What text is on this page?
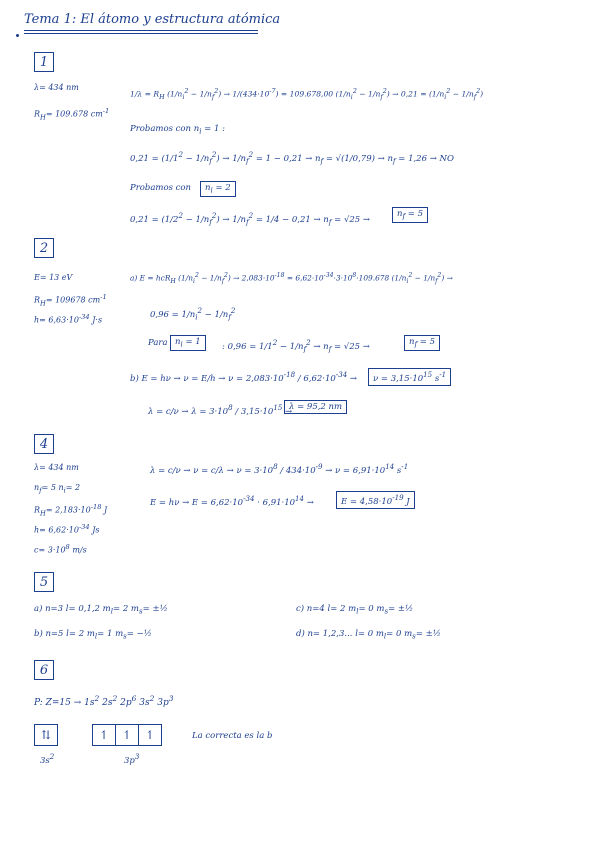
Tema 1: El átomo y estructura atómica
1
λ= 434 nm
$R_H= 109.678$ $cm^{-1}$
$1/\lambda = R_H$ $(1/n_i^2 - 1/n_f^2) \to 1/(434\cdot 10^{-7}) = 109.678,00$ $(1/n_i^2 - 1/n_f^2) \to 0,21 = (1/n_i^2 - 1/n_f^2)$
Probamos con $n_i = 1$ :
$0,21 = (1/1^2 - 1/n_f^2) \to 1/n_f^2 = 1 - 0,21 \to n_f = √(1/0,79) \to n_f = 1,26$ → NO
Probamos con	$n_i = 2$
$0,21 = (1/2^2 - 1/n_f^2) \to 1/n_f^2 = 1/4 - 0,21 \to n_f = √25$ →
$n_f = 5$
2
E= 13 eV
$R_H= 109678$ $cm^{-1}$
$h= 6,63\cdot 10^{-34}$ J·s
a) E = hcR$_H$ $(1/n_i^2 - 1/n_f^2) \to 2,083\cdot 10^{-18} = 6,62\cdot 10^{-34}\cdot 3\cdot 10^8\cdot 109.678$ $(1/n_i^2 - 1/n_f^2)$ →
$0,96 = 1/n_i^2 - 1/n_f^2$
Para $n_i = 1$	: $0,96 = 1/1^2 - 1/n_f^2 \to n_f = √25$ →	$n_f = 5$
b) $E = h\nu \to \nu = E/h \to \nu = 2,083\cdot 10^{-18} / 6,62\cdot 10^{-34}$ →	$\nu = 3,15\cdot 10^{15}$ $s^{-1}$
$\lambda = c/\nu \to \lambda = 3\cdot 10^8 / 3,15\cdot 10^{15}$ →
λ = 95,2 nm
4
λ= 434 nm
$n_f= 5$ $n_i= 2$
$R_H= 2,183\cdot 10^{-18}$ J
$h= 6,62\cdot 10^{-34}$ Js
$c= 3\cdot 10^8$ m/s
$\lambda = c/\nu \to \nu = c/\lambda \to \nu = 3\cdot 10^8 / 434\cdot 10^{-9} \to \nu = 6,91\cdot 10^{14}$ $s^{-1}$
$E = h\nu \to E = 6,62\cdot 10^{-34} \cdot 6,91\cdot 10^{14}$ →	$E = 4,58\cdot 10^{-19}$ J
5
a) n=3 l= 0,1,2 $m_l= 2$ $m_s=$ ±½
b) n=5 l= 2 $m_l= 1$ $m_s=$ −½
c) n=4 l= 2 $m_l= 0$ $m_s=$ ±½
d) n= 1,2,3... l= 0 $m_l= 0$ $m_s=$ ±½
6
P: $Z=15 \to 1s^2$ $2s^2$ $2p^6$ $3s^2$ $3p^3$
⇅	↿	↿	↿
$3s^2$	$3p^3$
La correcta es la b
